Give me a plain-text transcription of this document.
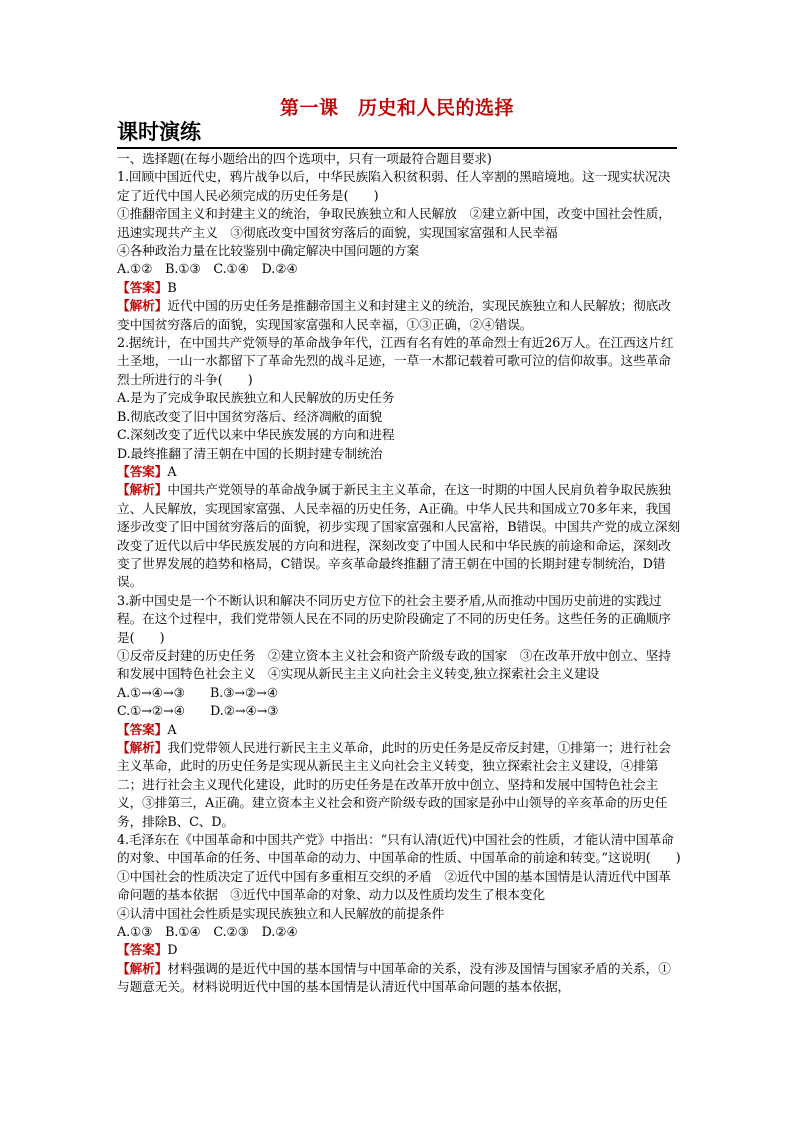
第一课　历史和人民的选择
课时演练

一、选择题(在每小题给出的四个选项中，只有一项最符合题目要求)

1.回顾中国近代史，鸦片战争以后，中华民族陷入积贫积弱、任人宰割的黑暗境地。这一现实状况决定了近代中国人民必须完成的历史任务是(　　)

①推翻帝国主义和封建主义的统治，争取民族独立和人民解放　②建立新中国，改变中国社会性质，迅速实现共产主义　③彻底改变中国贫穷落后的面貌，实现国家富强和人民幸福

④各种政治力量在比较鉴别中确定解决中国问题的方案

A.①②　B.①③　C.①④　D.②④

【答案】B

【解析】近代中国的历史任务是推翻帝国主义和封建主义的统治，实现民族独立和人民解放；彻底改变中国贫穷落后的面貌，实现国家富强和人民幸福，①③正确，②④错误。

2.据统计，在中国共产党领导的革命战争年代，江西有名有姓的革命烈士有近26万人。在江西这片红土圣地，一山一水都留下了革命先烈的战斗足迹，一草一木都记载着可歌可泣的信仰故事。这些革命烈士所进行的斗争(　　)

A.是为了完成争取民族独立和人民解放的历史任务

B.彻底改变了旧中国贫穷落后、经济凋敝的面貌

C.深刻改变了近代以来中华民族发展的方向和进程

D.最终推翻了清王朝在中国的长期封建专制统治

【答案】A

【解析】中国共产党领导的革命战争属于新民主主义革命，在这一时期的中国人民肩负着争取民族独立、人民解放，实现国家富强、人民幸福的历史任务，A正确。中华人民共和国成立70多年来，我国逐步改变了旧中国贫穷落后的面貌，初步实现了国家富强和人民富裕，B错误。中国共产党的成立深刻改变了近代以后中华民族发展的方向和进程，深刻改变了中国人民和中华民族的前途和命运，深刻改变了世界发展的趋势和格局，C错误。辛亥革命最终推翻了清王朝在中国的长期封建专制统治，D错误。

3.新中国史是一个不断认识和解决不同历史方位下的社会主要矛盾,从而推动中国历史前进的实践过程。在这个过程中，我们党带领人民在不同的历史阶段确定了不同的历史任务。这些任务的正确顺序是(　　)

①反帝反封建的历史任务　②建立资本主义社会和资产阶级专政的国家　③在改革开放中创立、坚持和发展中国特色社会主义　④实现从新民主主义向社会主义转变,独立探索社会主义建设

A.①→④→③　　B.③→②→④

C.①→②→④　　D.②→④→③

【答案】A

【解析】我们党带领人民进行新民主主义革命，此时的历史任务是反帝反封建，①排第一；进行社会主义革命，此时的历史任务是实现从新民主主义向社会主义转变，独立探索社会主义建设，④排第二；进行社会主义现代化建设，此时的历史任务是在改革开放中创立、坚持和发展中国特色社会主义，③排第三，A正确。建立资本主义社会和资产阶级专政的国家是孙中山领导的辛亥革命的历史任务，排除B、C、D。

4.毛泽东在《中国革命和中国共产党》中指出：“只有认清(近代)中国社会的性质，才能认清中国革命的对象、中国革命的任务、中国革命的动力、中国革命的性质、中国革命的前途和转变。”这说明(　　)

①中国社会的性质决定了近代中国有多重相互交织的矛盾　②近代中国的基本国情是认清近代中国革命问题的基本依据　③近代中国革命的对象、动力以及性质均发生了根本变化

④认清中国社会性质是实现民族独立和人民解放的前提条件

A.①③　B.①④　C.②③　D.②④

【答案】D

【解析】材料强调的是近代中国的基本国情与中国革命的关系，没有涉及国情与国家矛盾的关系，①与题意无关。材料说明近代中国的基本国情是认清近代中国革命问题的基本依据，
